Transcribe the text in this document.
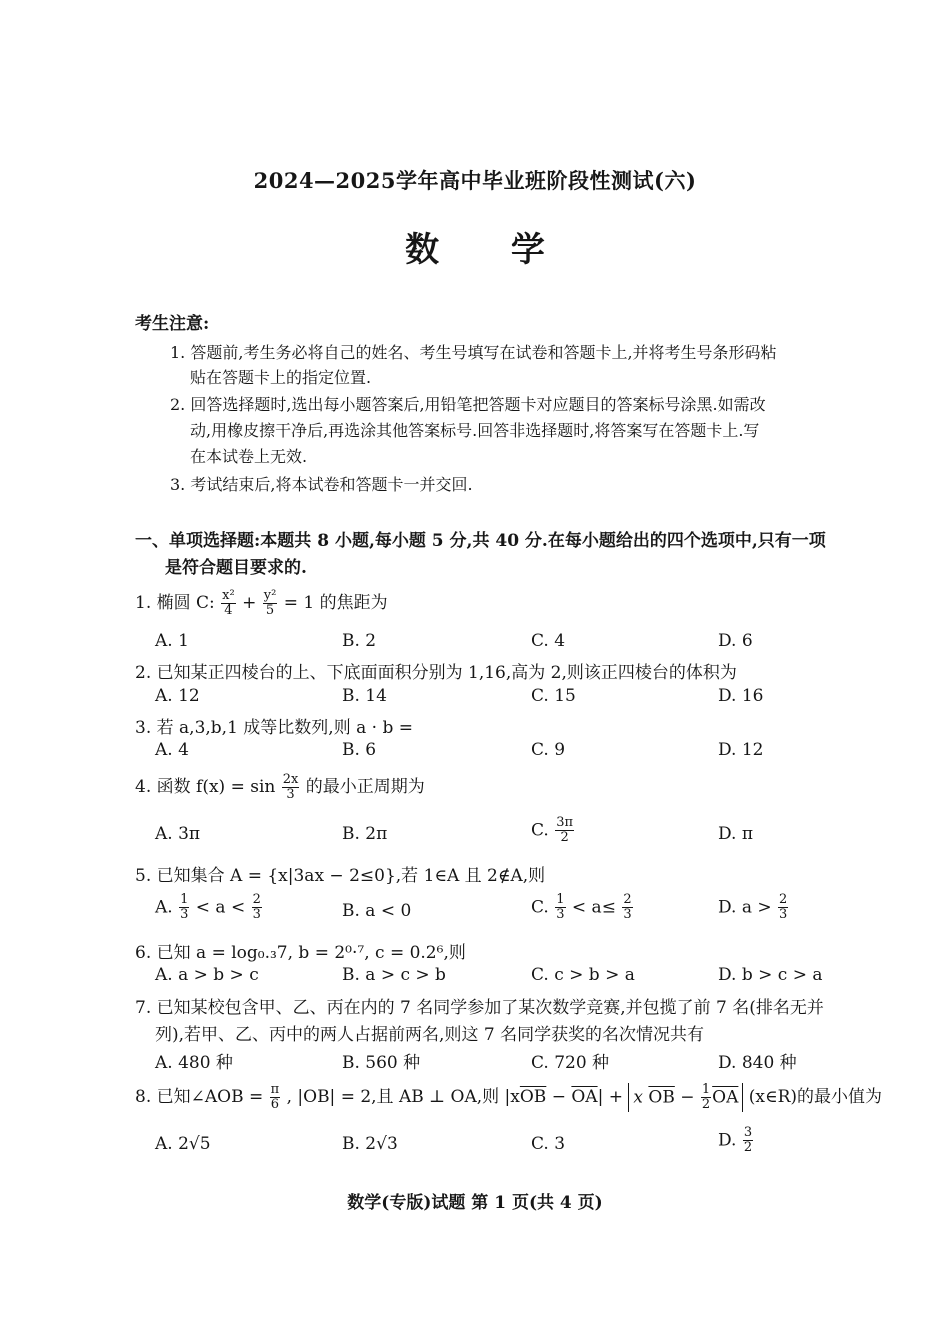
2024—2025学年高中毕业班阶段性测试(六)
数 学
考生注意:
1. 答题前,考生务必将自己的姓名、考生号填写在试卷和答题卡上,并将考生号条形码粘
贴在答题卡上的指定位置.
2. 回答选择题时,选出每小题答案后,用铅笔把答题卡对应题目的答案标号涂黑.如需改
动,用橡皮擦干净后,再选涂其他答案标号.回答非选择题时,将答案写在答题卡上.写
在本试卷上无效.
3. 考试结束后,将本试卷和答题卡一并交回.
一、单项选择题:本题共 8 小题,每小题 5 分,共 40 分.在每小题给出的四个选项中,只有一项
是符合题目要求的.
1. 椭圆 C: $\frac{\text{x²}}{4} + \frac{\text{y²}}{5} = 1$ 的焦距为
A. 1	B. 2	C. 4	D. 6
2. 已知某正四棱台的上、下底面面积分别为 1,16,高为 2,则该正四棱台的体积为
A. 12	B. 14	C. 15	D. 16
3. 若 a,3,b,1 成等比数列,则 a · b =
A. 4	B. 6	C. 9	D. 12
4. 函数 $f(x) = \sin \frac{2x}{3}$ 的最小正周期为
A. 3π	B. 2π	C. $\frac{3\pi}{2}$	D. π
5. 已知集合 A = {x|3ax − 2≤0},若 1∈A 且 2∉A,则
A. $\frac{1}{3} < a < \frac{2}{3}$	B. a < 0	C. $\frac{1}{3} < a\le \frac{2}{3}$	D. $a > \frac{2}{3}$
6. 已知 a = log₀.₃7, b = 2⁰·⁷, c = 0.2⁶,则
A. a > b > c	B. a > c > b	C. c > b > a	D. b > c > a
7. 已知某校包含甲、乙、丙在内的 7 名同学参加了某次数学竞赛,并包揽了前 7 名(排名无并
列),若甲、乙、丙中的两人占据前两名,则这 7 名同学获奖的名次情况共有
A. 480 种	B. 560 种	C. 720 种	D. 840 种
8. 已知∠AOB = $\frac{\pi}{6}$ , |OB| = 2,且 AB ⊥ OA,则 $|x\overline{OB} - \overline{OA}| + x$ $\overline{OB} - \frac{1}{2} \overline{OA}$ (x∈R)的最小值为
A. 2√5	B. 2√3	C. 3	D. $\frac{3}{2}$
数学(专版)试题 第 1 页(共 4 页)
